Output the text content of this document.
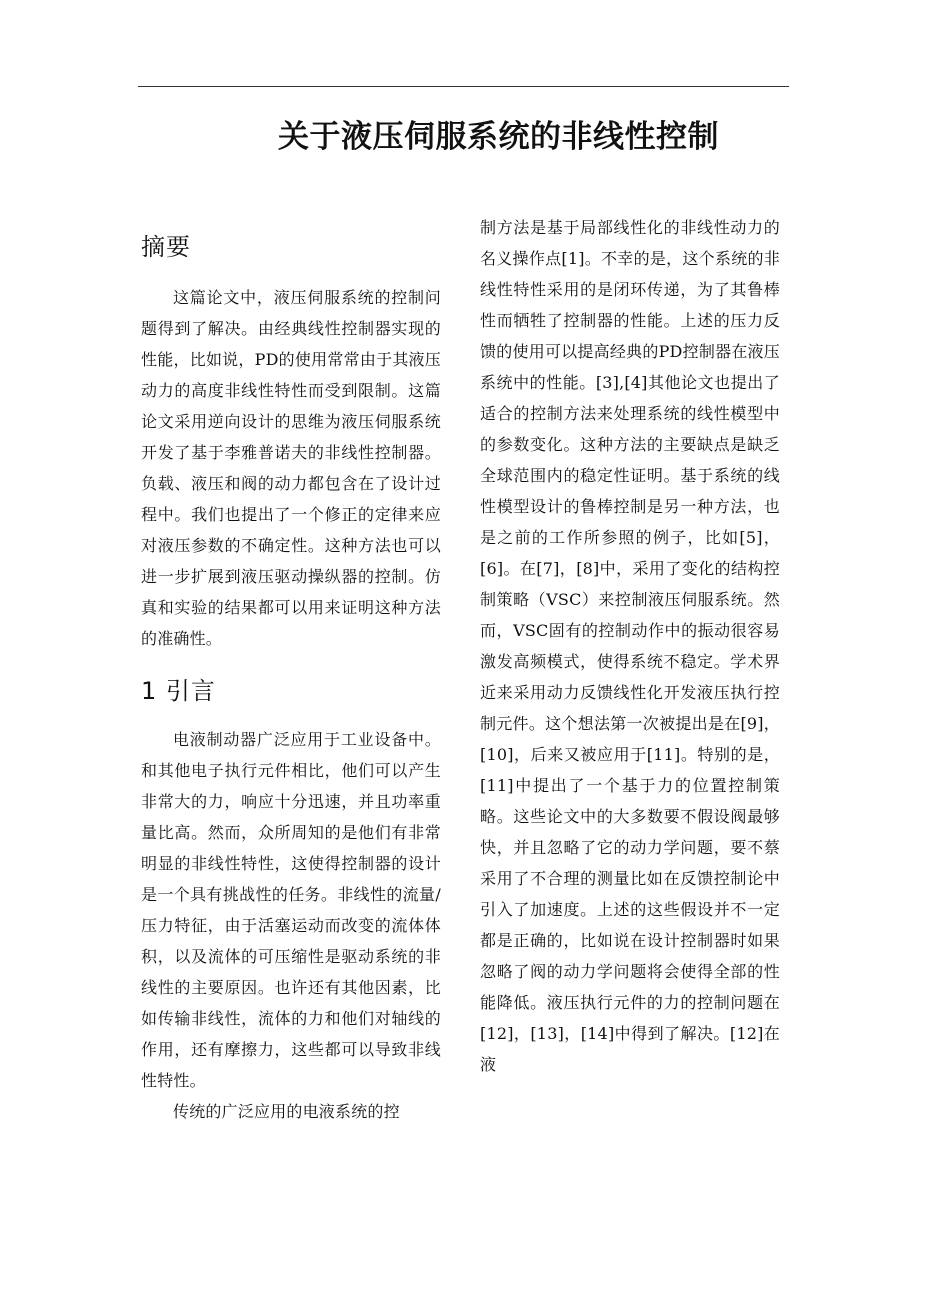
关于液压伺服系统的非线性控制
摘要

这篇论文中，液压伺服系统的控制问题得到了解决。由经典线性控制器实现的性能，比如说，PD的使用常常由于其液压动力的高度非线性特性而受到限制。这篇论文采用逆向设计的思维为液压伺服系统开发了基于李雅普诺夫的非线性控制器。负载、液压和阀的动力都包含在了设计过程中。我们也提出了一个修正的定律来应对液压参数的不确定性。这种方法也可以进一步扩展到液压驱动操纵器的控制。仿真和实验的结果都可以用来证明这种方法的准确性。

1 引言

电液制动器广泛应用于工业设备中。和其他电子执行元件相比，他们可以产生非常大的力，响应十分迅速，并且功率重量比高。然而，众所周知的是他们有非常明显的非线性特性，这使得控制器的设计是一个具有挑战性的任务。非线性的流量/压力特征，由于活塞运动而改变的流体体积，以及流体的可压缩性是驱动系统的非线性的主要原因。也许还有其他因素，比如传输非线性，流体的力和他们对轴线的作用，还有摩擦力，这些都可以导致非线性特性。

传统的广泛应用的电液系统的控

制方法是基于局部线性化的非线性动力的名义操作点[1]。不幸的是，这个系统的非线性特性采用的是闭环传递，为了其鲁棒性而牺牲了控制器的性能。上述的压力反馈的使用可以提高经典的PD控制器在液压系统中的性能。[3],[4]其他论文也提出了适合的控制方法来处理系统的线性模型中的参数变化。这种方法的主要缺点是缺乏全球范围内的稳定性证明。基于系统的线性模型设计的鲁棒控制是另一种方法，也是之前的工作所参照的例子，比如[5]，[6]。在[7]，[8]中，采用了变化的结构控制策略（VSC）来控制液压伺服系统。然而，VSC固有的控制动作中的振动很容易激发高频模式，使得系统不稳定。学术界近来采用动力反馈线性化开发液压执行控制元件。这个想法第一次被提出是在[9]，[10]，后来又被应用于[11]。特别的是，[11]中提出了一个基于力的位置控制策略。这些论文中的大多数要不假设阀最够快，并且忽略了它的动力学问题，要不蔡采用了不合理的测量比如在反馈控制论中引入了加速度。上述的这些假设并不一定都是正确的，比如说在设计控制器时如果忽略了阀的动力学问题将会使得全部的性能降低。液压执行元件的力的控制问题在[12]，[13]，[14]中得到了解决。[12]在液
